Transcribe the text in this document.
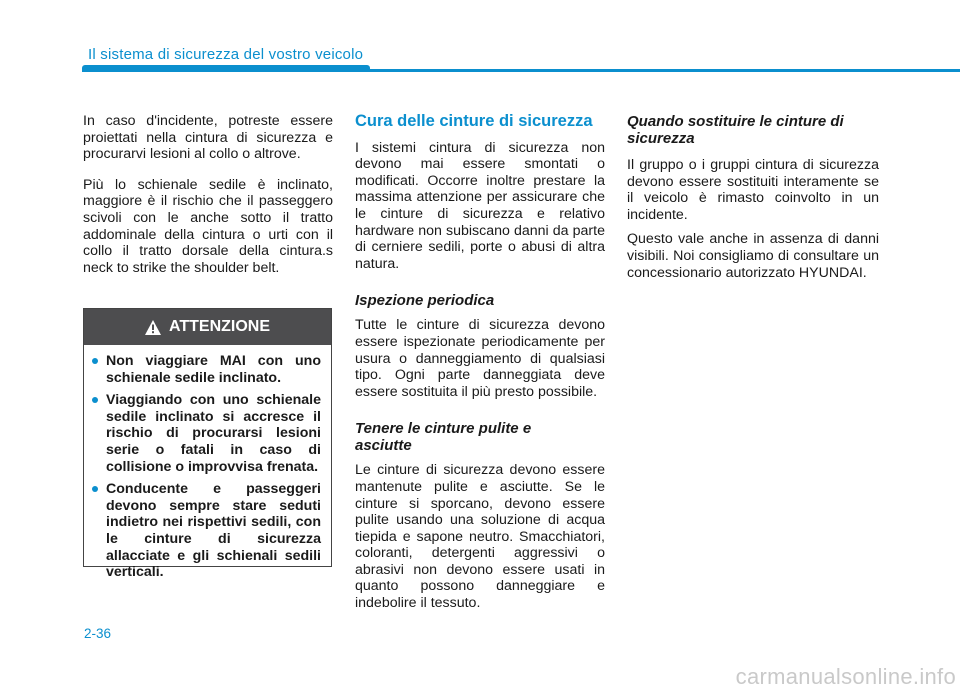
Il sistema di sicurezza del vostro veicolo

In caso d'incidente, potreste essere proiettati nella cintura di sicurezza e procurarvi lesioni al collo o altrove.

Più lo schienale sedile è inclinato, maggiore è il rischio che il passeggero scivoli con le anche sotto il tratto addominale della cintura o urti con il collo il tratto dorsale della cintura.s neck to strike the shoulder belt.

ATTENZIONE
Non viaggiare MAI con uno schienale sedile inclinato.
Viaggiando con uno schienale sedile inclinato si accresce il rischio di procurarsi lesioni serie o fatali in caso di collisione o improvvisa frenata.
Conducente e passeggeri devono sempre stare seduti indietro nei rispettivi sedili, con le cinture di sicurezza allacciate e gli schienali sedili verticali.
Cura delle cinture di sicurezza

I sistemi cintura di sicurezza non devono mai essere smontati o modificati. Occorre inoltre prestare la massima attenzione per assicurare che le cinture di sicurezza e relativo hardware non subiscano danni da parte di cerniere sedili, porte o abusi di altra natura.

Ispezione periodica

Tutte le cinture di sicurezza devono essere ispezionate periodicamente per usura o danneggiamento di qualsiasi tipo. Ogni parte danneggiata deve essere sostituita il più presto possibile.

Tenere le cinture pulite e asciutte

Le cinture di sicurezza devono essere mantenute pulite e asciutte. Se le cinture si sporcano, devono essere pulite usando una soluzione di acqua tiepida e sapone neutro. Smacchiatori, coloranti, detergenti aggressivi o abrasivi non devono essere usati in quanto possono danneggiare e indebolire il tessuto.

Quando sostituire le cinture di sicurezza

Il gruppo o i gruppi cintura di sicurezza devono essere sostituiti interamente se il veicolo è rimasto coinvolto in un incidente.

Questo vale anche in assenza di danni visibili. Noi consigliamo di consultare un concessionario autorizzato HYUNDAI.

2-36
carmanualsonline.info
